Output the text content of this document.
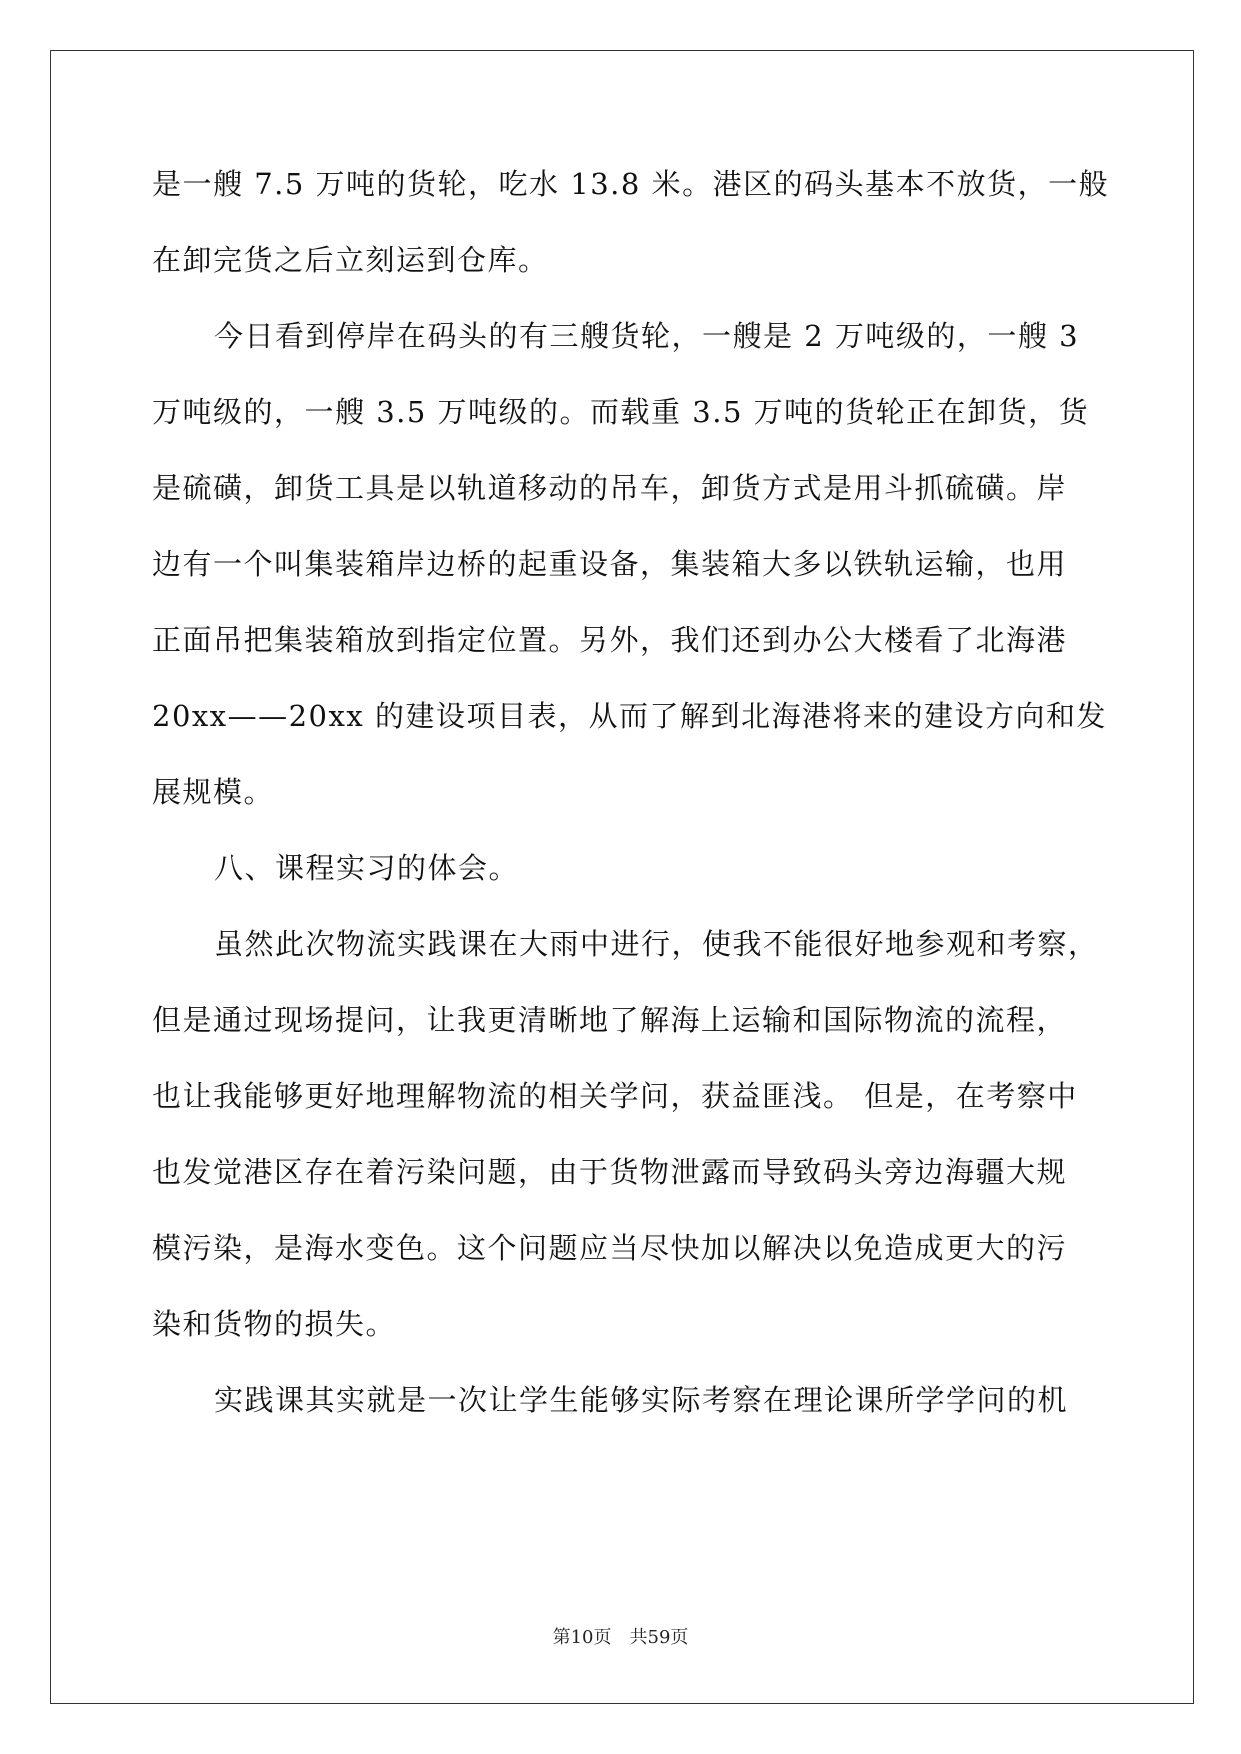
是一艘 7.5 万吨的货轮，吃水 13.8 米。港区的码头基本不放货，一般
在卸完货之后立刻运到仓库。
今日看到停岸在码头的有三艘货轮，一艘是 2 万吨级的，一艘 3
万吨级的，一艘 3.5 万吨级的。而载重 3.5 万吨的货轮正在卸货，货
是硫磺，卸货工具是以轨道移动的吊车，卸货方式是用斗抓硫磺。岸
边有一个叫集装箱岸边桥的起重设备，集装箱大多以铁轨运输，也用
正面吊把集装箱放到指定位置。另外，我们还到办公大楼看了北海港
20xx——20xx 的建设项目表，从而了解到北海港将来的建设方向和发
展规模。
八、课程实习的体会。
虽然此次物流实践课在大雨中进行，使我不能很好地参观和考察，
但是通过现场提问，让我更清晰地了解海上运输和国际物流的流程，
也让我能够更好地理解物流的相关学问，获益匪浅。 但是，在考察中
也发觉港区存在着污染问题，由于货物泄露而导致码头旁边海疆大规
模污染，是海水变色。这个问题应当尽快加以解决以免造成更大的污
染和货物的损失。
实践课其实就是一次让学生能够实际考察在理论课所学学问的机
第10页 共59页
